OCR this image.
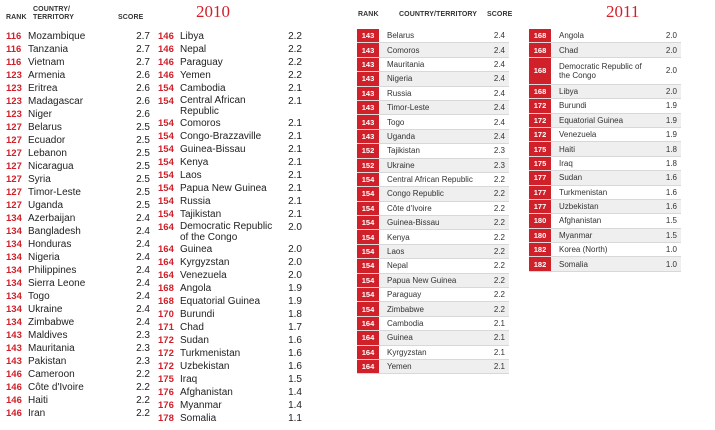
RANK
COUNTRY/
TERRITORY	SCORE	2010
116 Mozambique	2.7
116 Tanzania	2.7
116 Vietnam	2.7
123 Armenia	2.6
123 Eritrea	2.6
123 Madagascar	2.6
123 Niger	2.6
127 Belarus	2.5
127 Ecuador	2.5
127 Lebanon	2.5
127 Nicaragua	2.5
127 Syria	2.5
127 Timor-Leste	2.5
127 Uganda	2.5
134 Azerbaijan	2.4
134 Bangladesh	2.4
134 Honduras	2.4
134 Nigeria	2.4
134 Philippines	2.4
134 Sierra Leone	2.4
134 Togo	2.4
134 Ukraine	2.4
134 Zimbabwe	2.4
143 Maldives	2.3
143 Mauritania	2.3
143 Pakistan	2.3
146 Cameroon	2.2
146 Côte d'Ivoire	2.2
146 Haiti	2.2
146 Iran	2.2
146 Libya	2.2
146 Nepal	2.2
146 Paraguay	2.2
146 Yemen	2.2
154 Cambodia	2.1
154 Central African Republic
2.1
154 Comoros	2.1
154 Congo-Brazzaville	2.1
154 Guinea-Bissau	2.1
154 Kenya	2.1
154 Laos	2.1
154 Papua New Guinea	2.1
154 Russia	2.1
154 Tajikistan	2.1
164 Democratic Republic of the Congo
2.0
164 Guinea	2.0
164 Kyrgyzstan	2.0
164 Venezuela	2.0
168 Angola	1.9
168 Equatorial Guinea	1.9
170 Burundi	1.8
171 Chad	1.7
172 Sudan	1.6
172 Turkmenistan	1.6
172 Uzbekistan	1.6
175 Iraq	1.5
176 Afghanistan	1.4
176 Myanmar	1.4
178 Somalia	1.1
RANK	COUNTRY/TERRITORY SCORE	2011
143	Belarus	2.4
143	Comoros	2.4
143	Mauritania	2.4
143	Nigeria	2.4
143	Russia	2.4
143	Timor-Leste	2.4
143	Togo	2.4
143	Uganda	2.4
152	Tajikistan	2.3
152	Ukraine	2.3
154	Central African Republic	2.2
154	Congo Republic	2.2
154	Côte d'Ivoire	2.2
154	Guinea-Bissau	2.2
154	Kenya	2.2
154	Laos	2.2
154	Nepal	2.2
154	Papua New Guinea	2.2
154	Paraguay	2.2
154	Zimbabwe	2.2
164	Cambodia	2.1
164	Guinea	2.1
164	Kyrgyzstan	2.1
164	Yemen	2.1
168	Angola	2.0
168	Chad	2.0
168	Democratic Republic of the Congo	2.0
168	Libya	2.0
172	Burundi	1.9
172	Equatorial Guinea	1.9
172	Venezuela	1.9
175	Haiti	1.8
175	Iraq	1.8
177	Sudan	1.6
177	Turkmenistan	1.6
177	Uzbekistan	1.6
180	Afghanistan	1.5
180	Myanmar	1.5
182	Korea (North)	1.0
182	Somalia	1.0
